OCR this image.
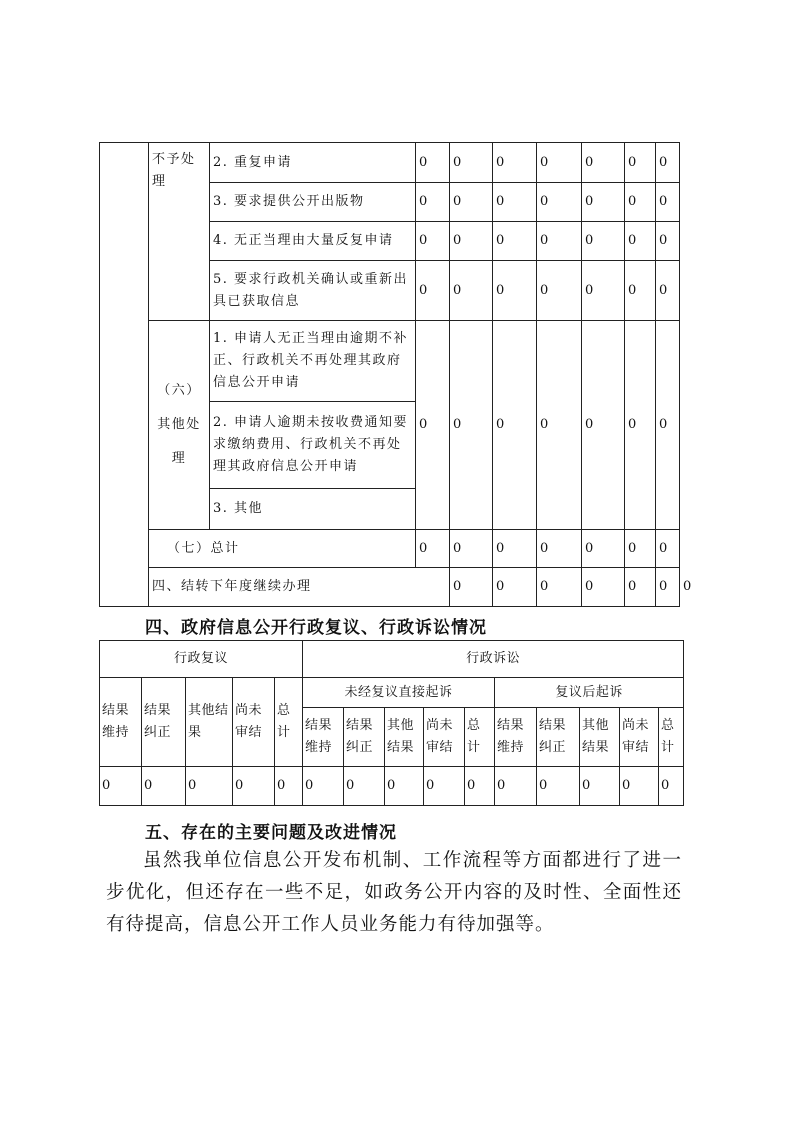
	不予处理	2. 重复申请	0	0	0	0	0	0	0	
		3. 要求提供公开出版物	0	0	0	0	0	0	0	
		4. 无正当理由大量反复申请	0	0	0	0	0	0	0	
		5. 要求行政机关确认或重新出具已获取信息	0	0	0	0	0	0	0	
	（六）其他处理	1. 申请人无正当理由逾期不补正、行政机关不再处理其政府信息公开申请	0	0	0	0	0	0	0	
		2. 申请人逾期未按收费通知要求缴纳费用、行政机关不再处理其政府信息公开申请								
		3. 其他								
	（七）总计		0	0	0	0	0	0	0	
	四、结转下年度继续办理			0	0	0	0	0	0	0
四、政府信息公开行政复议、行政诉讼情况
行政复议					行政诉讼									
结果维持	结果纠正	其他结果	尚未审结	总计	未经复议直接起诉					复议后起诉				
					结果维持	结果纠正	其他结果	尚未审结	总计	结果维持	结果纠正	其他结果	尚未审结	总计
0	0	0	0	0	0	0	0	0	0	0	0	0	0	0
五、存在的主要问题及改进情况
虽然我单位信息公开发布机制、工作流程等方面都进行了进一步优化，但还存在一些不足，如政务公开内容的及时性、全面性还有待提高，信息公开工作人员业务能力有待加强等。
